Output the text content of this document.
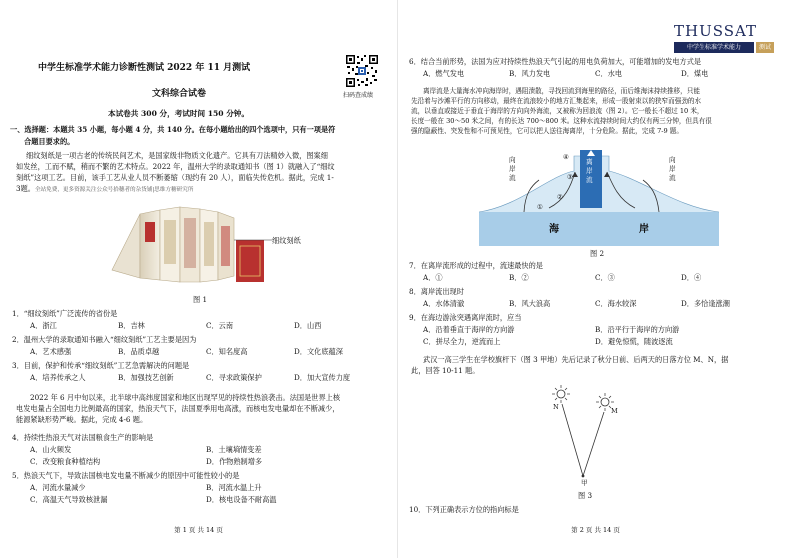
中学生标准学术能力诊断性测试 2022 年 11 月测试
扫码查成绩
文科综合试卷
本试卷共 300 分，考试时间 150 分钟。
一、选择题：本题共 35 小题，每小题 4 分，共 140 分。在每小题给出的四个选项中，只有一项是符
合题目要求的。
细纹刻纸是一项古老的传统民间艺术，是国家级非物质文化遗产。它具有刀法精妙入微，图案细
如发丝，工而不赋，稍而不繁的艺术特点。2022 年，温州大学的录取通知书（图 1）就融入了“细纹
刻纸”这项工艺。目前，该手工艺从业人员不断萎缩（现约有 20 人），面临失传危机。据此，完成 1-
3题。全站免费，更多资源关注公众号拾穗者的杂货铺|思维方糖研究所
细纹刻纸
图 1
1．“细纹刻纸”广泛流传的省份是
A．浙江	B．吉林	C．云南	D．山西
2．温州大学的录取通知书融入“细纹刻纸”工艺主要是因为
A．艺术感强	B．品质卓越	C．知名度高	D．文化底蕴深
3．目前，保护和传承“细纹刻纸”工艺急需解决的问题是
A．培养传承之人	B．加强技艺创新	C．寻求政策保护	D．加大宣传力度
2022 年 6 月中旬以来，北半球中高纬度国家和地区出现罕见的持续性热浪袭击。法国是世界上核
电发电量占全国电力比例最高的国家，热浪天气下，法国夏季用电高涨，而核电发电量却在不断减少，
能源紧缺形势严峻。据此，完成 4-6 题。
4．持续性热浪天气对法国粮食生产的影响是
A．山火频发	B．土壤墒情变差
C．改变粮食种植结构	D．作物熟制增多
5．热浪天气下，导致法国核电发电量不断减少的原因中可能性较小的是
A．河流水量减少	B．河流水温上升
C．高温天气导致核泄漏	D．核电设备不耐高温
第 1 页 共 14 页
6．结合当前形势，法国为应对持续性热浪天气引起的用电负荷加大，可能增加的发电方式是
A．燃气发电	B．风力发电	C．水电	D．煤电
离岸流是大量海水冲向海岸时，遇阻溃散，寻找回流到海里的路径，而后维海沫持续推移，只能
先沿着与沙滩平行的方向移动，最终在流浪较小的地方汇集起来，形成一股射束以的狭窄而强劲的水
流，以垂直或接近于垂直于海岸的方向向外海流，又被称为回浪流（图 2）。它一般长不超过 10 米，
长度一般在 30～50 米之间，有的长达 700～800 米。这种水流持续时间大约仅有两三分钟，但具有很
强的隐蔽性、突发性和不可预见性，它可以把人送往海离岸，十分危险。据此，完成 7-9 题。
向岸流
离岸流
向岸流
④
③
②
①
海	岸
图 2
7．在离岸流形成的过程中，流速最快的是
A．①	B．②	C．③	D．④
8．离岸流出现时
A．水体清澈	B．风大浪高	C．海水较深	D．多恰逢涨潮
9．在海边游泳突遇离岸流时，应当
A．沿着垂直于海岸的方向游	B．沿平行于海岸的方向游
C．拼尽全力，逆流而上	D．避免惊慌，随波逐流
武汉一高三学生在学校旗杆下（图 3 甲地）先后记录了秋分日前、后两天的日落方位 M、N，据
此，回答 10-11 题。
N	M
甲
图 3
10．下列正确表示方位的指向标是
第 2 页 共 14 页
THUSSAT
中学生标准学术能力	测试
